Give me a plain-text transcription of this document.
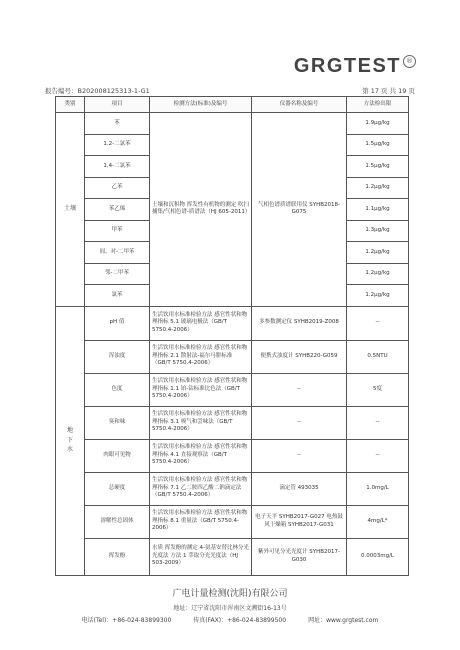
GRGTEST ®
报告编号：B202008125313-1-G1	第 17 页 共 19 页
类别	项目	检测方法(标准)及编号	仪器名称及编号	方法检出限
土壤	苯	土壤和沉积物 挥发性有机物的测定 吹扫捕集/气相色谱-质谱法（HJ 605-2011）	气相色谱质谱联用仪 SYHB2018-G075	1.9μg/kg
	1,2-二氯苯			1.5μg/kg
	1,4-二氯苯			1.5μg/kg
	乙苯			1.2μg/kg
	苯乙烯			1.1μg/kg
	甲苯			1.3μg/kg
	间、对-二甲苯			1.2μg/kg
	邻-二甲苯			1.2μg/kg
	氯苯			1.2μg/kg
地下水	pH 值	生活饮用水标准检验方法 感官性状和物理指标 5.1 玻璃电极法（GB/T 5750.4-2006）	多参数测定仪 SYHB2019-Z008	--
	浑浊度	生活饮用水标准检验方法 感官性状和物理指标 2.1 散射法-福尔马肼标准（GB/T 5750.4-2006）	便携式浊度计 SYHB220-G059	0.5NTU
	色度	生活饮用水标准检验方法 感官性状和物理指标 1.1 铂-钴标准比色法（GB/T 5750.4-2006）	--	5度
	臭和味	生活饮用水标准检验方法 感官性状和物理指标 3.1 嗅气和尝味法（GB/T 5750.4-2006）	--	--
	肉眼可见物	生活饮用水标准检验方法 感官性状和物理指标 4.1 直接观察法（GB/T 5750.4-2006）	--	--
	总硬度	生活饮用水标准检验方法 感官性状和物理指标 7.1 乙二胺四乙酸二钠滴定法（GB/T 5750.4-2006）	滴定管 493035	1.0mg/L
	溶解性总固体	生活饮用水标准检验方法 感官性状和物理指标 8.1 重量法（GB/T 5750.4-2006）	电子天平 SYHB2017-G027 电热鼓风干燥箱 SYHB2017-G031	4mg/L*
	挥发酚	水质 挥发酚的测定 4-氨基安替比林分光光度法 方法 1 萃取分光光度法（HJ 503-2009）	紫外可见分光光度计 SYHB2017-G030	0.0003mg/L
广电计量检测(沈阳)有限公司
地址：辽宁省沈阳市浑南区文溯街16-13号
电话(Tel)：+86-024-83899300	传真(FAX)：+86-024-83899500	网址：www.grgtest.com
